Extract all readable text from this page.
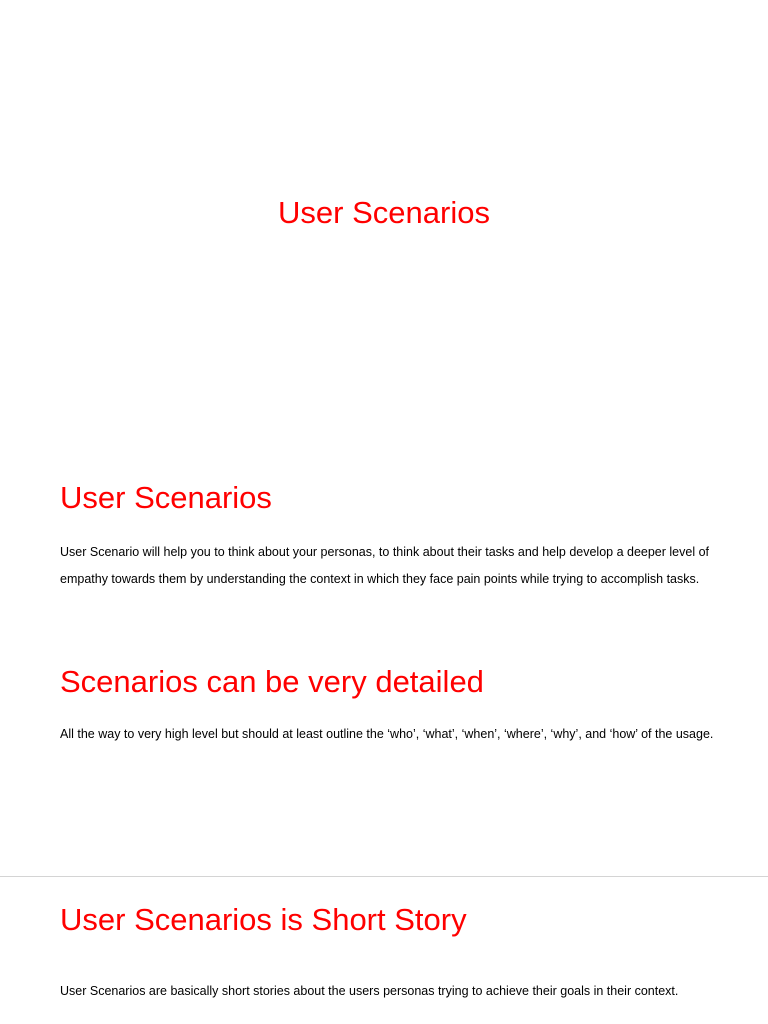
User Scenarios
User Scenarios

User Scenario will help you to think about your personas, to think about their tasks and help develop a deeper level of empathy towards them by understanding the context in which they face pain points while trying to accomplish tasks.

Scenarios can be very detailed

All the way to very high level but should at least outline the ‘who’, ‘what’, ‘when’, ‘where’, ‘why’, and ‘how’ of the usage.

User Scenarios is Short Story

User Scenarios are basically short stories about the users personas trying to achieve their goals in their context.
